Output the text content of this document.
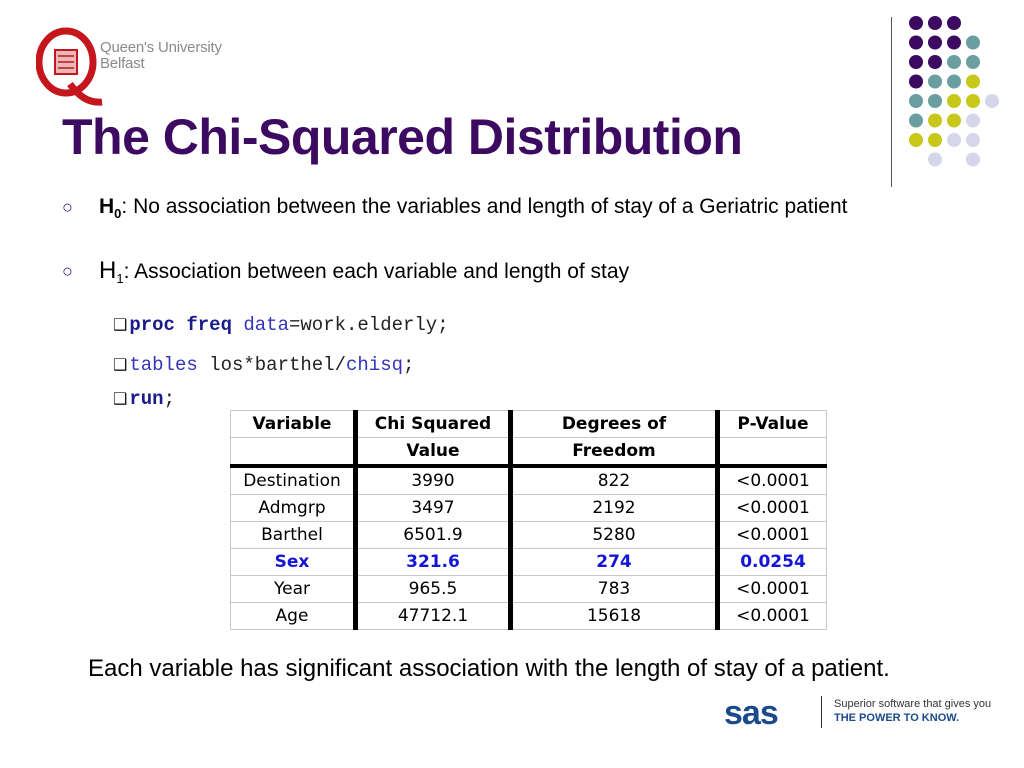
Queen's University
Belfast
The Chi-Squared Distribution
○ $H_0$: No association between the variables and length of stay of a Geriatric patient
○ $H_1$: Association between each variable and length of stay
❑ proc freq data=work.elderly;
❑ tables los*barthel/chisq;
❑ run;
Variable	Chi Squared	Degrees of	P-Value
	Value	Freedom	
Destination	3990	822	<0.0001
Admgrp	3497	2192	<0.0001
Barthel	6501.9	5280	<0.0001
Sex	321.6	274	0.0254
Year	965.5	783	<0.0001
Age	47712.1	15618	<0.0001
Each variable has significant association with the length of stay of a patient.
sas	Superior software that gives you
THE POWER TO KNOW.
